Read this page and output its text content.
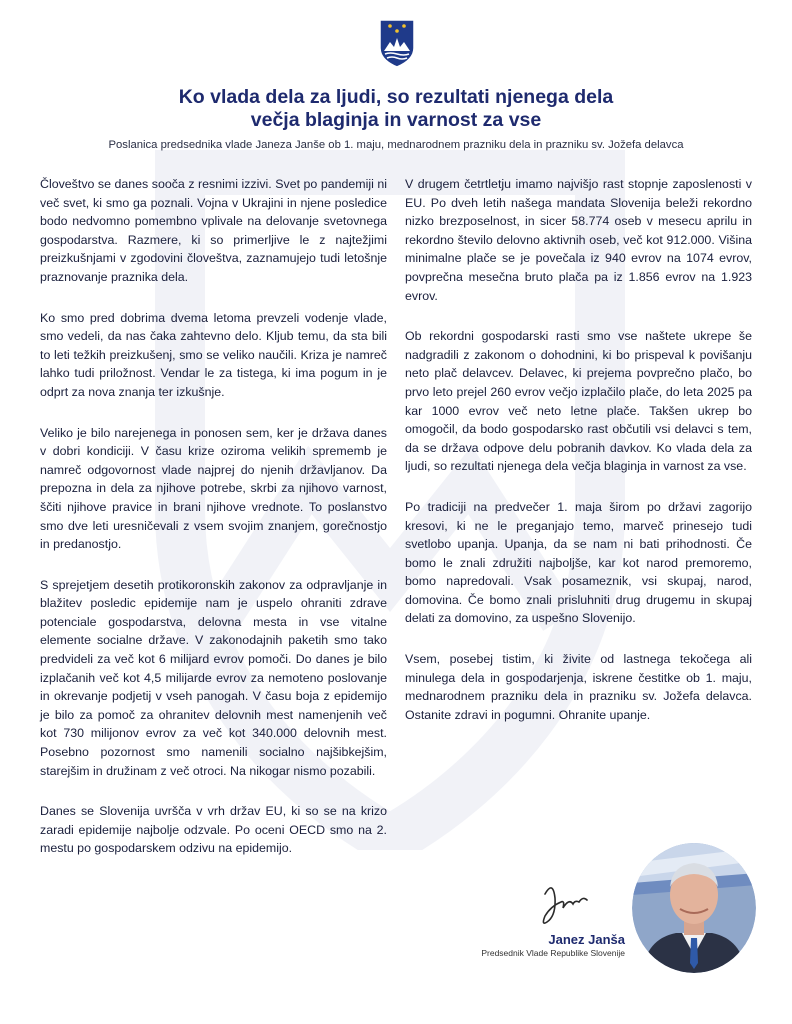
Ko vlada dela za ljudi, so rezultati njenega dela
večja blaginja in varnost za vse
Poslanica predsednika vlade Janeza Janše ob 1. maju, mednarodnem prazniku dela in prazniku sv. Jožefa delavca

Človeštvo se danes sooča z resnimi izzivi. Svet po pandemiji ni več svet, ki smo ga poznali. Vojna v Ukrajini in njene posledice bodo nedvomno pomembno vplivale na delovanje svetovnega gospodarstva. Razmere, ki so primerljive le z najtežjimi preizkušnjami v zgodovini človeštva, zaznamujejo tudi letošnje praznovanje praznika dela.

Ko smo pred dobrima dvema letoma prevzeli vodenje vlade, smo vedeli, da nas čaka zahtevno delo. Kljub temu, da sta bili to leti težkih preizkušenj, smo se veliko naučili. Kriza je namreč lahko tudi priložnost. Vendar le za tistega, ki ima pogum in je odprt za nova znanja ter izkušnje.

Veliko je bilo narejenega in ponosen sem, ker je država danes v dobri kondiciji. V času krize oziroma velikih sprememb je namreč odgovornost vlade najprej do njenih državljanov. Da prepozna in dela za njihove potrebe, skrbi za njihovo varnost, ščiti njihove pravice in brani njihove vrednote. To poslanstvo smo dve leti uresničevali z vsem svojim znanjem, gorečnostjo in predanostjo.

S sprejetjem desetih protikoronskih zakonov za odpravljanje in blažitev posledic epidemije nam je uspelo ohraniti zdrave potenciale gospodarstva, delovna mesta in vse vitalne elemente socialne države. V zakonodajnih paketih smo tako predvideli za več kot 6 milijard evrov pomoči. Do danes je bilo izplačanih več kot 4,5 milijarde evrov za nemoteno poslovanje in okrevanje podjetij v vseh panogah. V času boja z epidemijo je bilo za pomoč za ohranitev delovnih mest namenjenih več kot 730 milijonov evrov za več kot 340.000 delovnih mest. Posebno pozornost smo namenili socialno najšibkejšim, starejšim in družinam z več otroci. Na nikogar nismo pozabili.

Danes se Slovenija uvršča v vrh držav EU, ki so se na krizo zaradi epidemije najbolje odzvale. Po oceni OECD smo na 2. mestu po gospodarskem odzivu na epidemijo.

V drugem četrtletju imamo najvišjo rast stopnje zaposlenosti v EU. Po dveh letih našega mandata Slovenija beleži rekordno nizko brezposelnost, in sicer 58.774 oseb v mesecu aprilu in rekordno število delovno aktivnih oseb, več kot 912.000. Višina minimalne plače se je povečala iz 940 evrov na 1074 evrov, povprečna mesečna bruto plača pa iz 1.856 evrov na 1.923 evrov.

Ob rekordni gospodarski rasti smo vse naštete ukrepe še nadgradili z zakonom o dohodnini, ki bo prispeval k povišanju neto plač delavcev. Delavec, ki prejema povprečno plačo, bo prvo leto prejel 260 evrov večjo izplačilo plače, do leta 2025 pa kar 1000 evrov več neto letne plače. Takšen ukrep bo omogočil, da bodo gospodarsko rast občutili vsi delavci s tem, da se država odpove delu pobranih davkov. Ko vlada dela za ljudi, so rezultati njenega dela večja blaginja in varnost za vse.

Po tradiciji na predvečer 1. maja širom po državi zagorijo kresovi, ki ne le preganjajo temo, marveč prinesejo tudi svetlobo upanja. Upanja, da se nam ni bati prihodnosti. Če bomo le znali združiti najboljše, kar kot narod premoremo, bomo napredovali. Vsak posameznik, vsi skupaj, narod, domovina. Če bomo znali prisluhniti drug drugemu in skupaj delati za domovino, za uspešno Slovenijo.

Vsem, posebej tistim, ki živite od lastnega tekočega ali minulega dela in gospodarjenja, iskrene čestitke ob 1. maju, mednarodnem prazniku dela in prazniku sv. Jožefa delavca. Ostanite zdravi in pogumni. Ohranite upanje.

Janez Janša
Predsednik Vlade Republike Slovenije
